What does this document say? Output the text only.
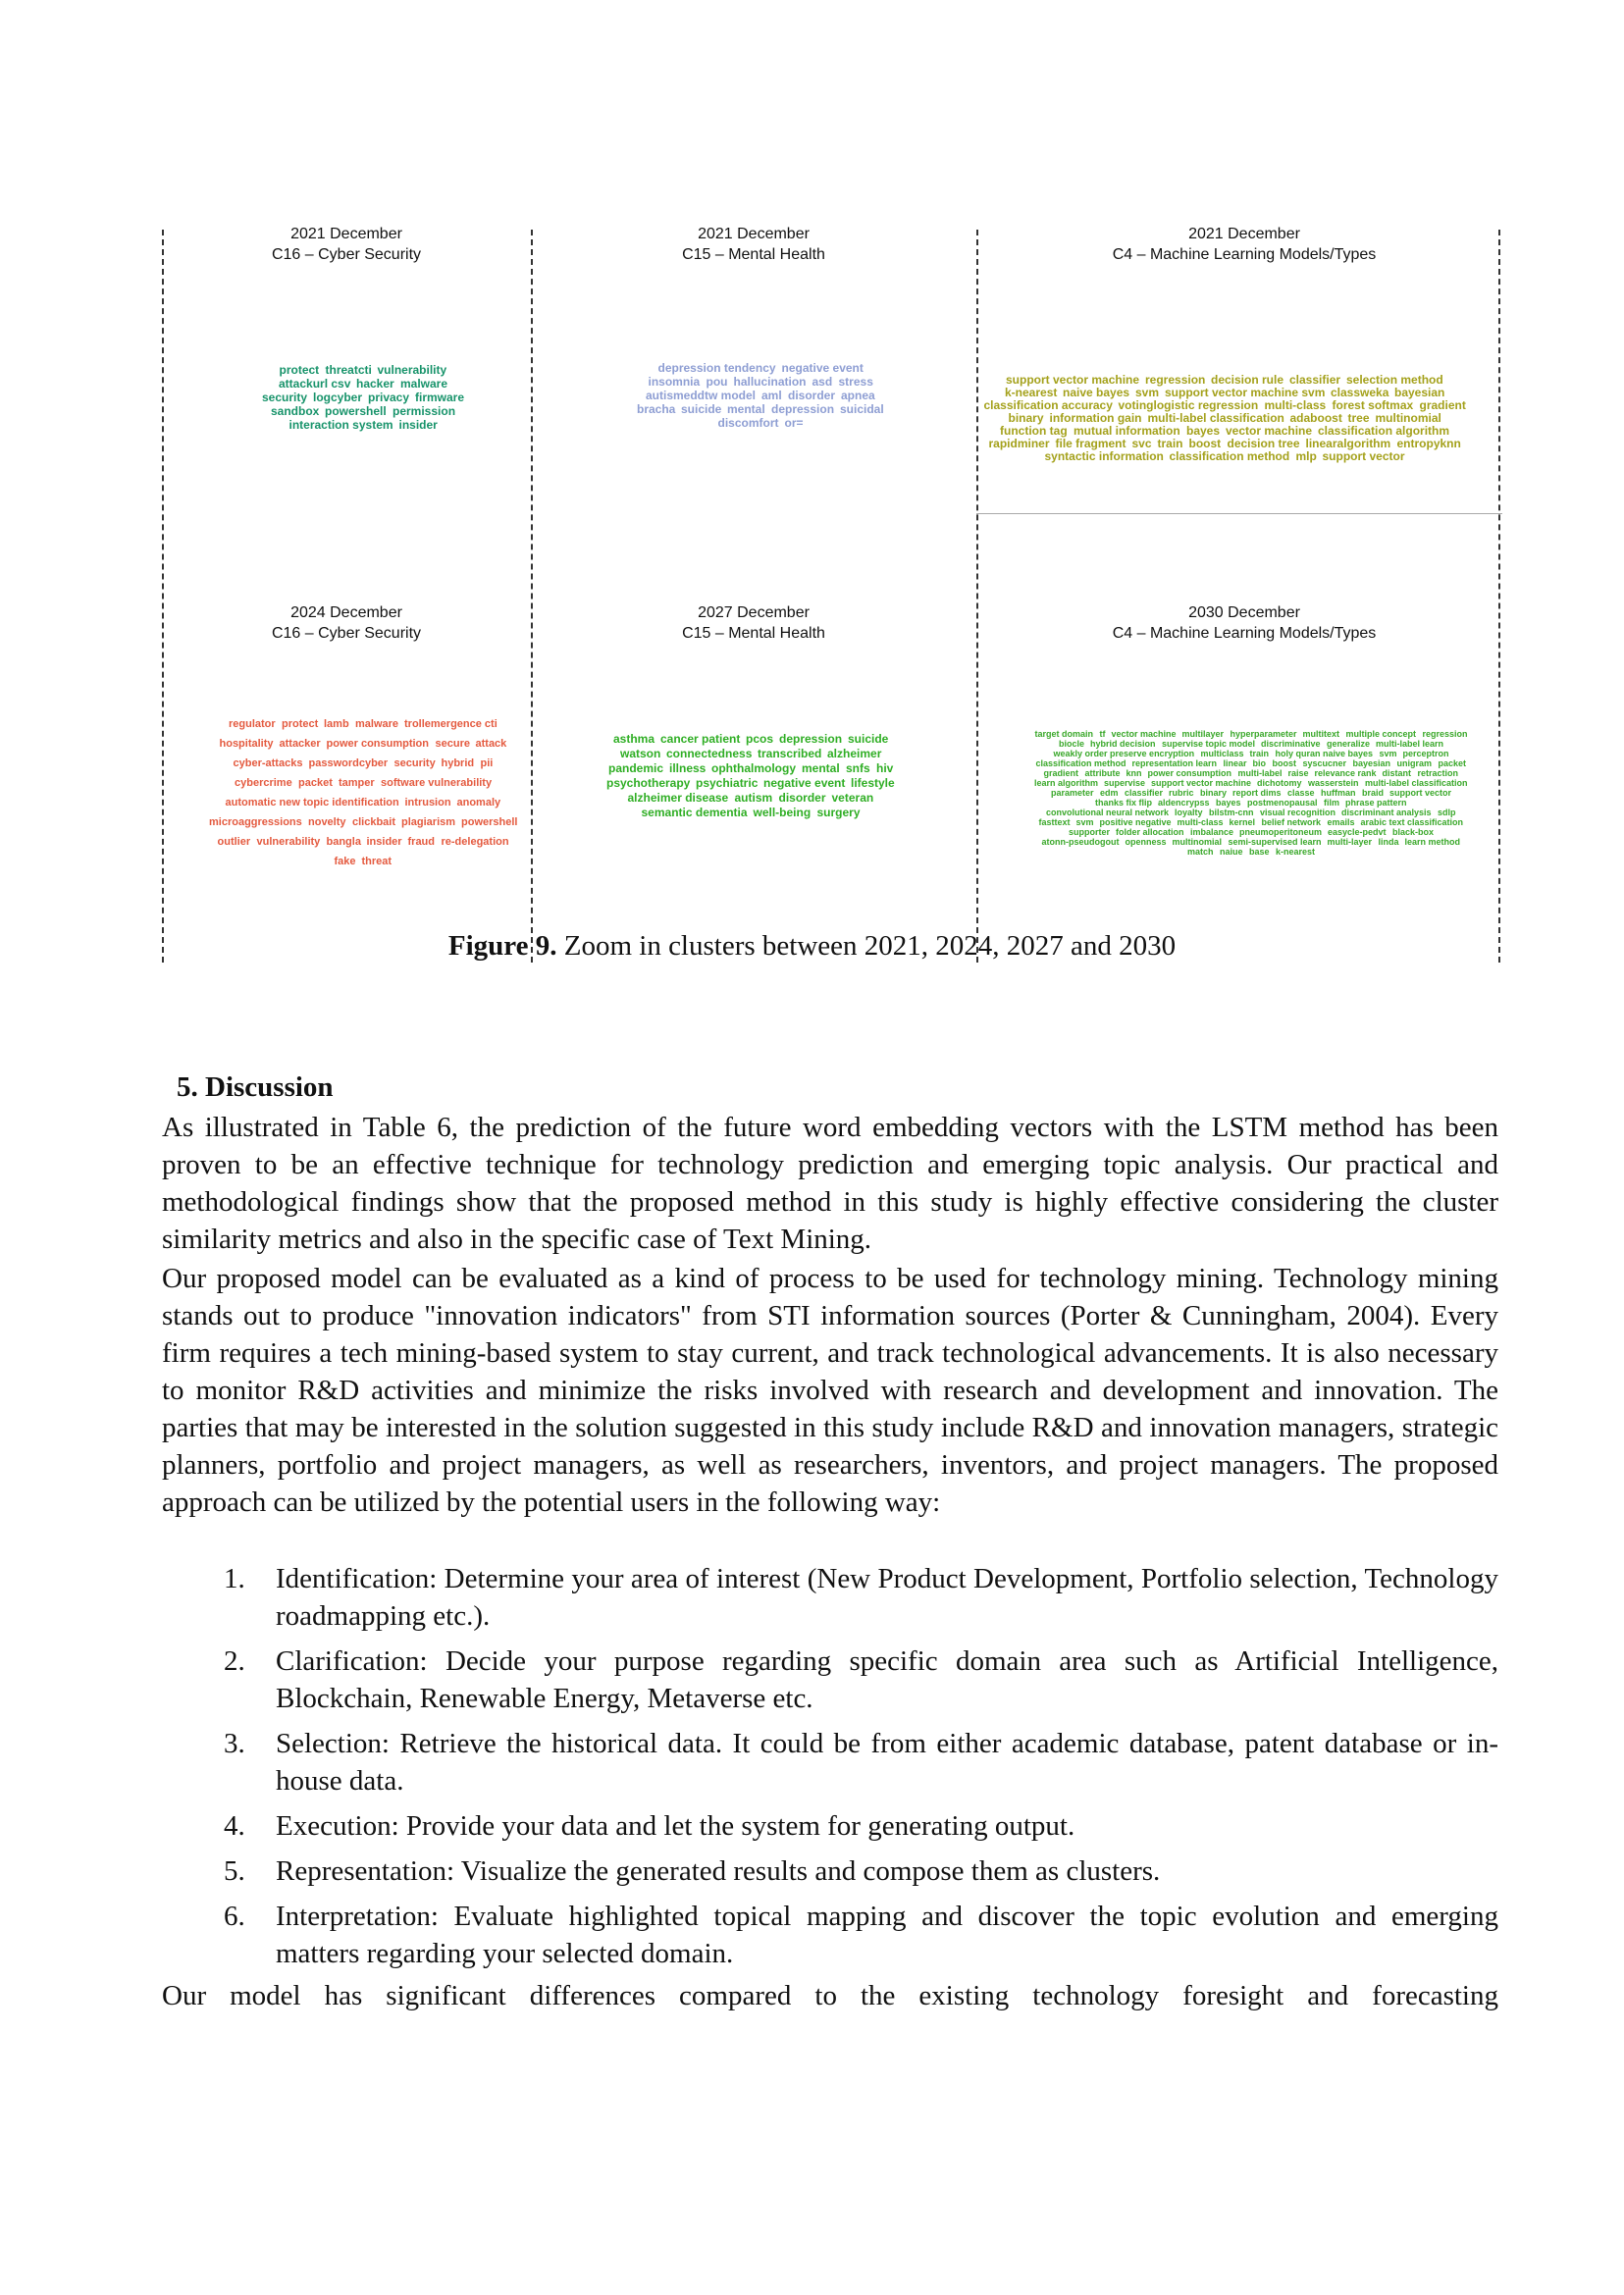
2021 December
C16 – Cyber Security
2021 December
C15 – Mental Health
2021 December
C4 – Machine Learning Models/Types
2024 December
C16 – Cyber Security
2027 December
C15 – Mental Health
2030 December
C4 – Machine Learning Models/Types
protect threatcti vulnerability
attackurl csv hacker malware
security logcyber privacy firmware
sandbox powershell permission
interaction system insider
depression tendency negative event
insomnia pou hallucination asd stress
autismeddtw model aml disorder apnea
bracha suicide mental depression suicidal
discomfort or=
support vector machine regression decision rule classifier selection method
k-nearest naive bayes svm support vector machine svm classweka bayesian
classification accuracy votinglogistic regression multi-class forest softmax gradient
binary information gain multi-label classification adaboost tree multinomial
function tag mutual information bayes vector machine classification algorithm
rapidminer file fragment svc train boost decision tree linearalgorithm entropyknn
syntactic information classification method mlp support vector
regulator protect lamb malware trollemergence cti
hospitality attacker power consumption secure attack
cyber-attacks passwordcyber security hybrid pii
cybercrime packet tamper software vulnerability
automatic new topic identification intrusion anomaly
microaggressions novelty clickbait plagiarism powershell
outlier vulnerability bangla insider fraud re-delegation
fake threat
asthma cancer patient pcos depression suicide
watson connectedness transcribed alzheimer
pandemic illness ophthalmology mental snfs hiv
psychotherapy psychiatric negative event lifestyle
alzheimer disease autism disorder veteran
semantic dementia well-being surgery
target domain tf vector machine multilayer hyperparameter multitext multiple concept regression
biocle hybrid decision supervise topic model discriminative generalize multi-label learn
weakly order preserve encryption multiclass train holy quran naive bayes svm perceptron
classification method representation learn linear bio boost syscucner bayesian unigram packet
gradient attribute knn power consumption multi-label raise relevance rank distant retraction
learn algorithm supervise support vector machine dichotomy wasserstein multi-label classification
parameter edm classifier rubric binary report dims classe huffman braid support vector
thanks fix flip aldencrypss bayes postmenopausal film phrase pattern
convolutional neural network loyalty bilstm-cnn visual recognition discriminant analysis sdlp
fasttext svm positive negative multi-class kernel belief network emails arabic text classification
supporter folder allocation imbalance pneumoperitoneum easycle-pedvt black-box
atonn-pseudogout openness multinomial semi-supervised learn multi-layer linda learn method
match naiue base k-nearest
Figure 9. Zoom in clusters between 2021, 2024, 2027 and 2030
5. Discussion

As illustrated in Table 6, the prediction of the future word embedding vectors with the LSTM method has been proven to be an effective technique for technology prediction and emerging topic analysis. Our practical and methodological findings show that the proposed method in this study is highly effective considering the cluster similarity metrics and also in the specific case of Text Mining.

Our proposed model can be evaluated as a kind of process to be used for technology mining. Technology mining stands out to produce "innovation indicators" from STI information sources (Porter & Cunningham, 2004). Every firm requires a tech mining-based system to stay current, and track technological advancements. It is also necessary to monitor R&D activities and minimize the risks involved with research and development and innovation. The parties that may be interested in the solution suggested in this study include R&D and innovation managers, strategic planners, portfolio and project managers, as well as researchers, inventors, and project managers. The proposed approach can be utilized by the potential users in the following way:

1. Identification: Determine your area of interest (New Product Development, Portfolio selection, Technology roadmapping etc.).
2. Clarification: Decide your purpose regarding specific domain area such as Artificial Intelligence, Blockchain, Renewable Energy, Metaverse etc.
3. Selection: Retrieve the historical data. It could be from either academic database, patent database or in-house data.
4. Execution: Provide your data and let the system for generating output.
5. Representation: Visualize the generated results and compose them as clusters.
6. Interpretation: Evaluate highlighted topical mapping and discover the topic evolution and emerging matters regarding your selected domain.
Our model has significant differences compared to the existing technology foresight and forecasting
